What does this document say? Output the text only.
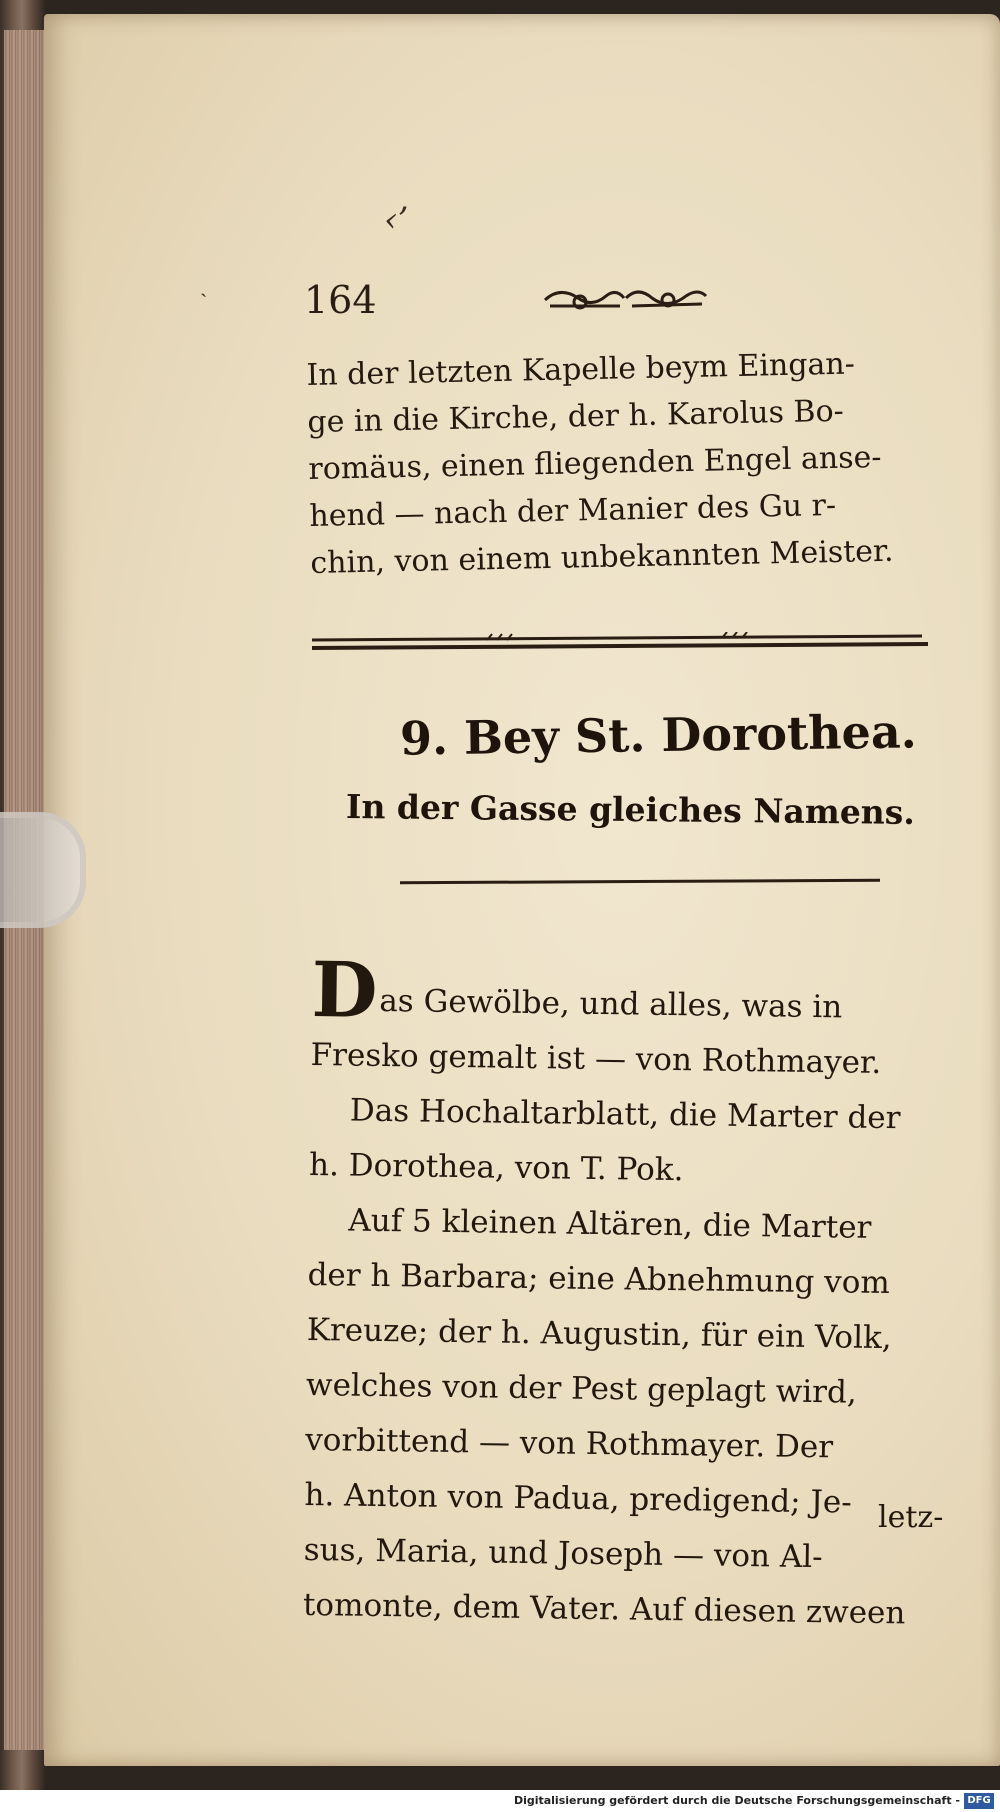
ˎ
‹’
164
In der letzten Kapelle beym Eingan-
ge in die Kirche, der h. Karolus Bo-
romäus, einen fliegenden Engel anse-
hend — nach der Manier des Gu r-
chin, von einem unbekannten Meister.
9. Bey St. Dorothea.
In der Gasse gleiches Namens.
Das Gewölbe, und alles, was in
Fresko gemalt ist — von Rothmayer.
Das Hochaltarblatt, die Marter der
h. Dorothea, von T. Pok.
Auf 5 kleinen Altären, die Marter
der h Barbara; eine Abnehmung vom
Kreuze; der h. Augustin, für ein Volk,
welches von der Pest geplagt wird,
vorbittend — von Rothmayer. Der
h. Anton von Padua, predigend; Je-
sus, Maria, und Joseph — von Al-
tomonte, dem Vater. Auf diesen zween
letz-
Digitalisierung gefördert durch die Deutsche Forschungsgemeinschaft - DFG
